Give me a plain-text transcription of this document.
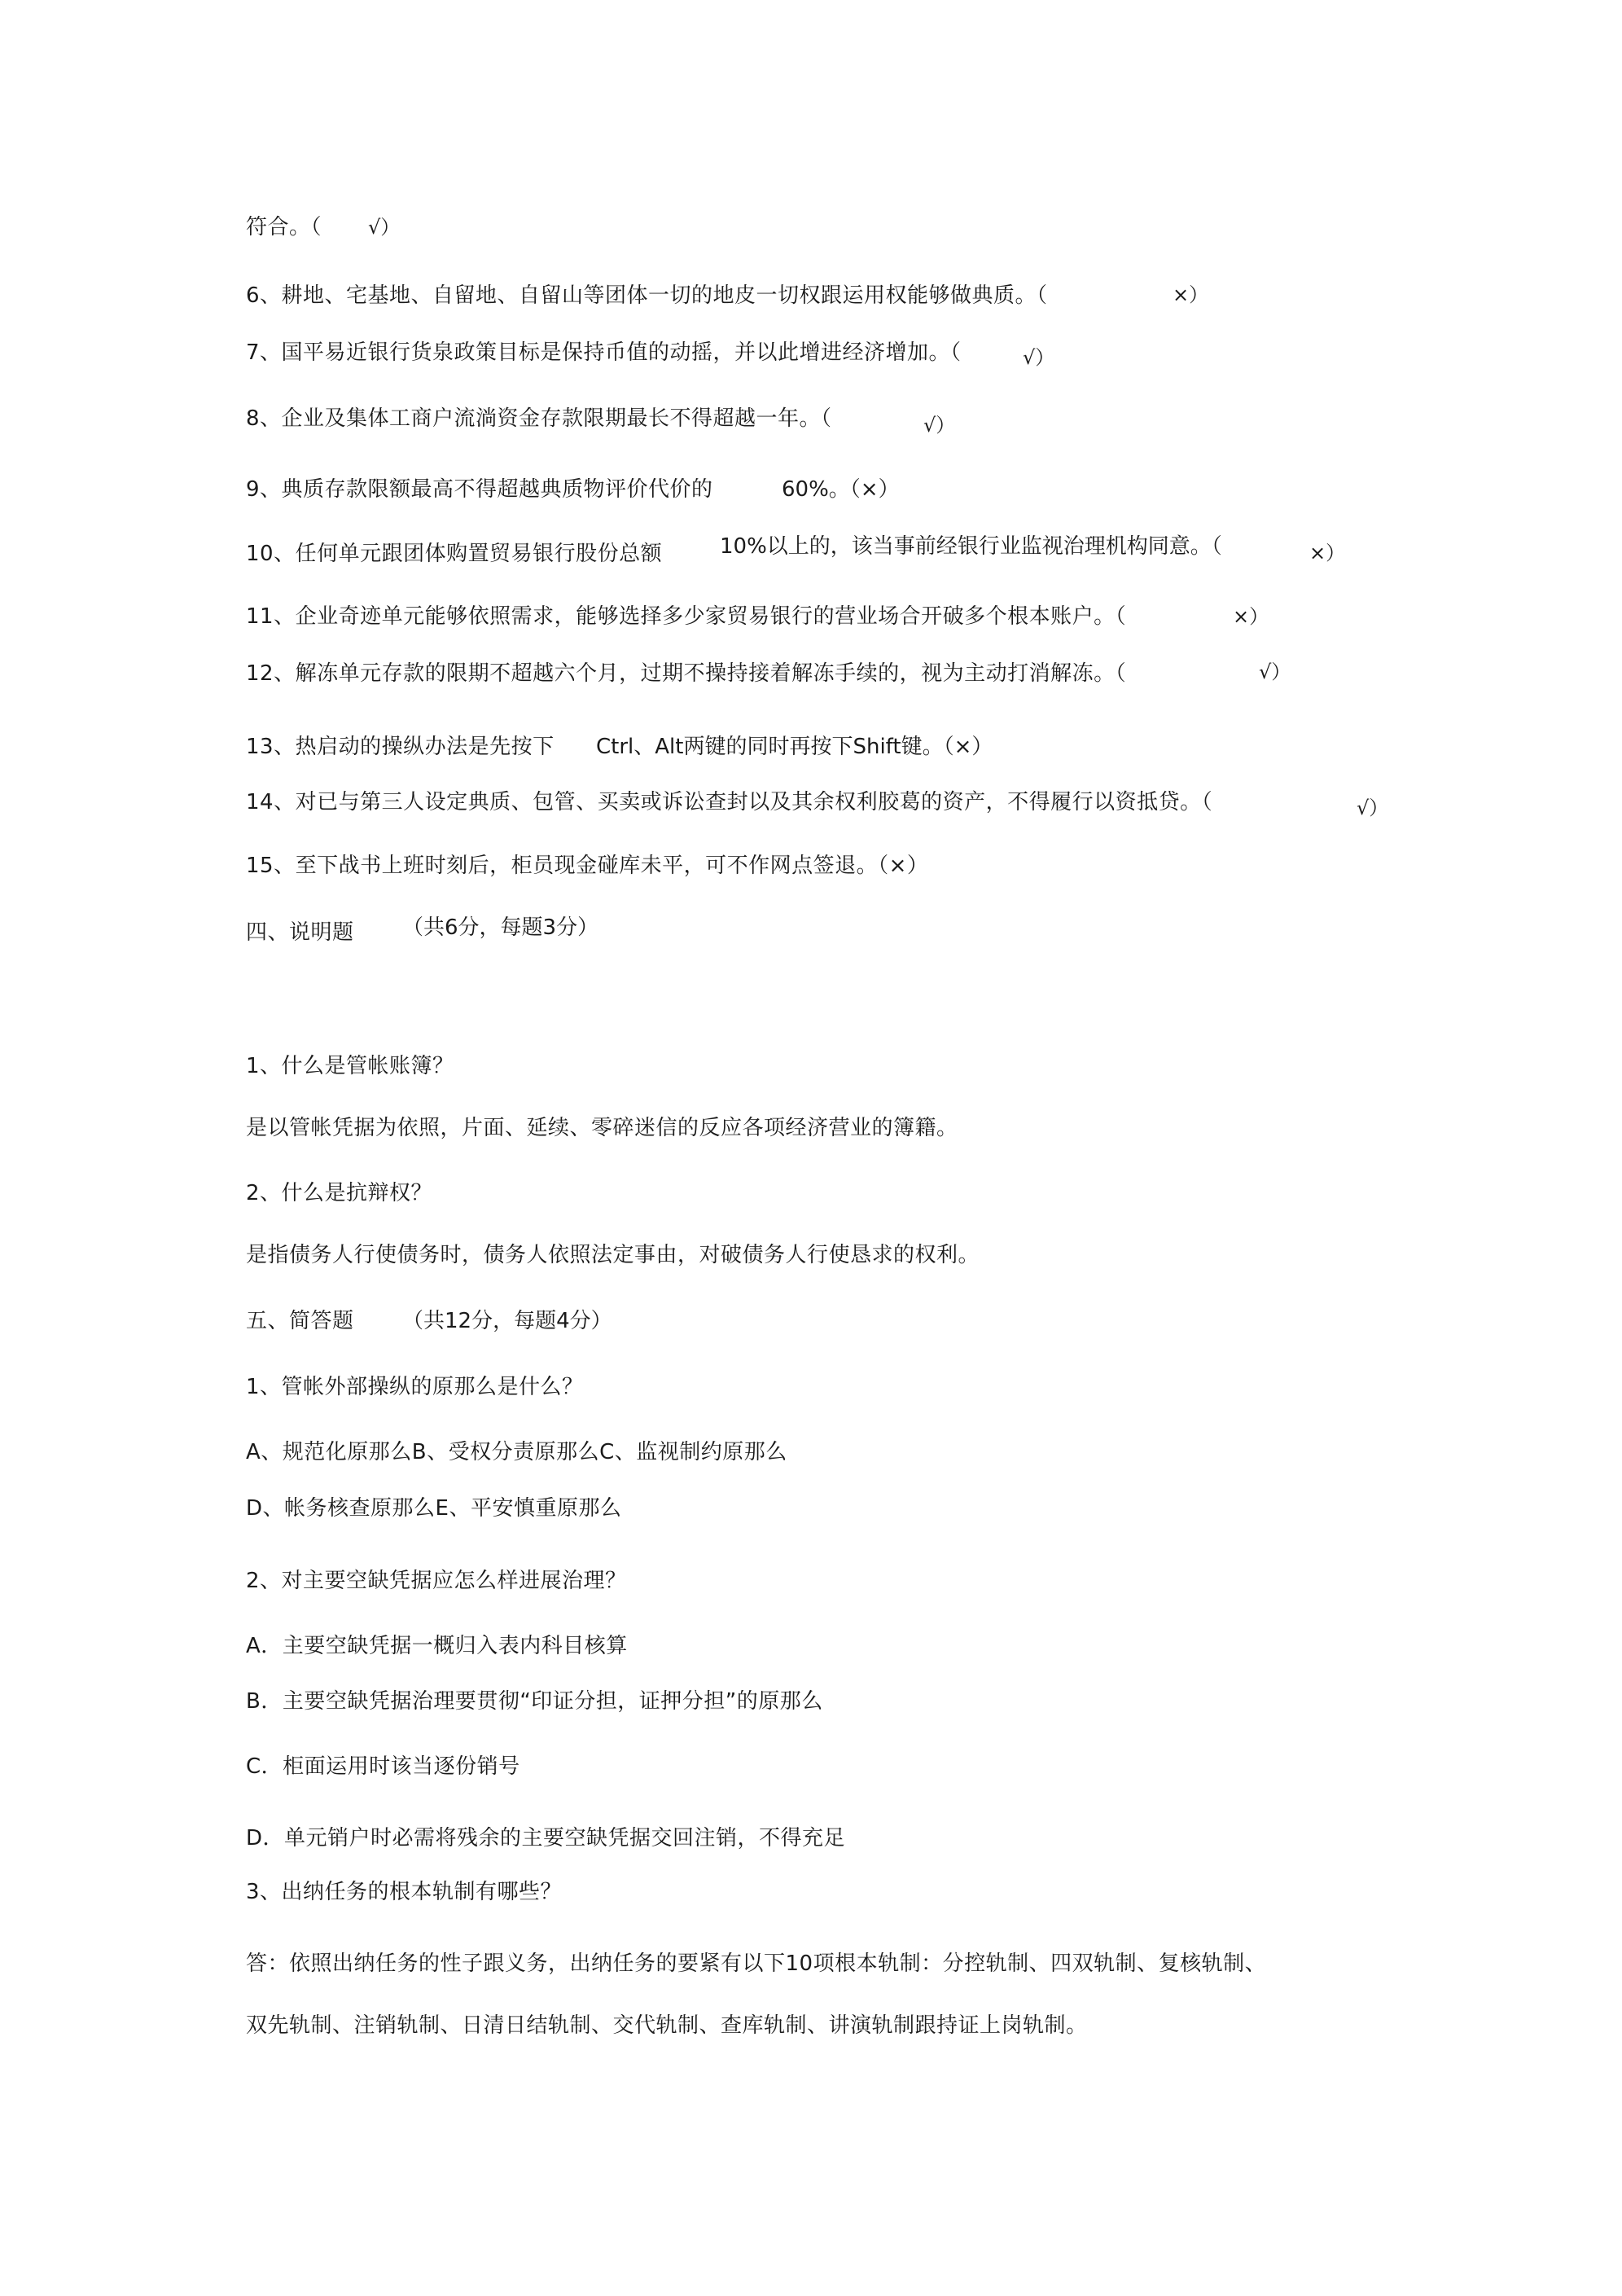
符合。（ √）
6、耕地、宅基地、自留地、自留山等团体一切的地皮一切权跟运用权能够做典质。（	×）
7、国平易近银行货泉政策目标是保持币值的动摇，并以此增进经济增加。（	√）
8、企业及集体工商户流淌资金存款限期最长不得超越一年。（	√）
9、典质存款限额最高不得超越典质物评价代价的	60%。（×）
10、任何单元跟团体购置贸易银行股份总额	10%以上的，该当事前经银行业监视治理机构同意。（	×）
11、企业奇迹单元能够依照需求，能够选择多少家贸易银行的营业场合开破多个根本账户。（	×）
12、解冻单元存款的限期不超越六个月，过期不操持接着解冻手续的，视为主动打消解冻。（	√）
13、热启动的操纵办法是先按下 Ctrl、Alt两键的同时再按下Shift键。（×）
14、对已与第三人设定典质、包管、买卖或诉讼查封以及其余权利胶葛的资产，不得履行以资抵贷。（	√）
15、至下战书上班时刻后，柜员现金碰库未平，可不作网点签退。（×）
四、说明题 （共6分，每题3分）
1、什么是管帐账簿？
是以管帐凭据为依照，片面、延续、零碎迷信的反应各项经济营业的簿籍。
2、什么是抗辩权？
是指债务人行使债务时，债务人依照法定事由，对破债务人行使恳求的权利。
五、简答题 （共12分，每题4分）
1、管帐外部操纵的原那么是什么？
A、规范化原那么B、受权分责原那么C、监视制约原那么
D、帐务核查原那么E、平安慎重原那么
2、对主要空缺凭据应怎么样进展治理？
A．主要空缺凭据一概归入表内科目核算
B．主要空缺凭据治理要贯彻“印证分担，证押分担”的原那么
C．柜面运用时该当逐份销号
D．单元销户时必需将残余的主要空缺凭据交回注销，不得充足
3、出纳任务的根本轨制有哪些？
答：依照出纳任务的性子跟义务，出纳任务的要紧有以下10项根本轨制：分控轨制、四双轨制、复核轨制、
双先轨制、注销轨制、日清日结轨制、交代轨制、查库轨制、讲演轨制跟持证上岗轨制。
